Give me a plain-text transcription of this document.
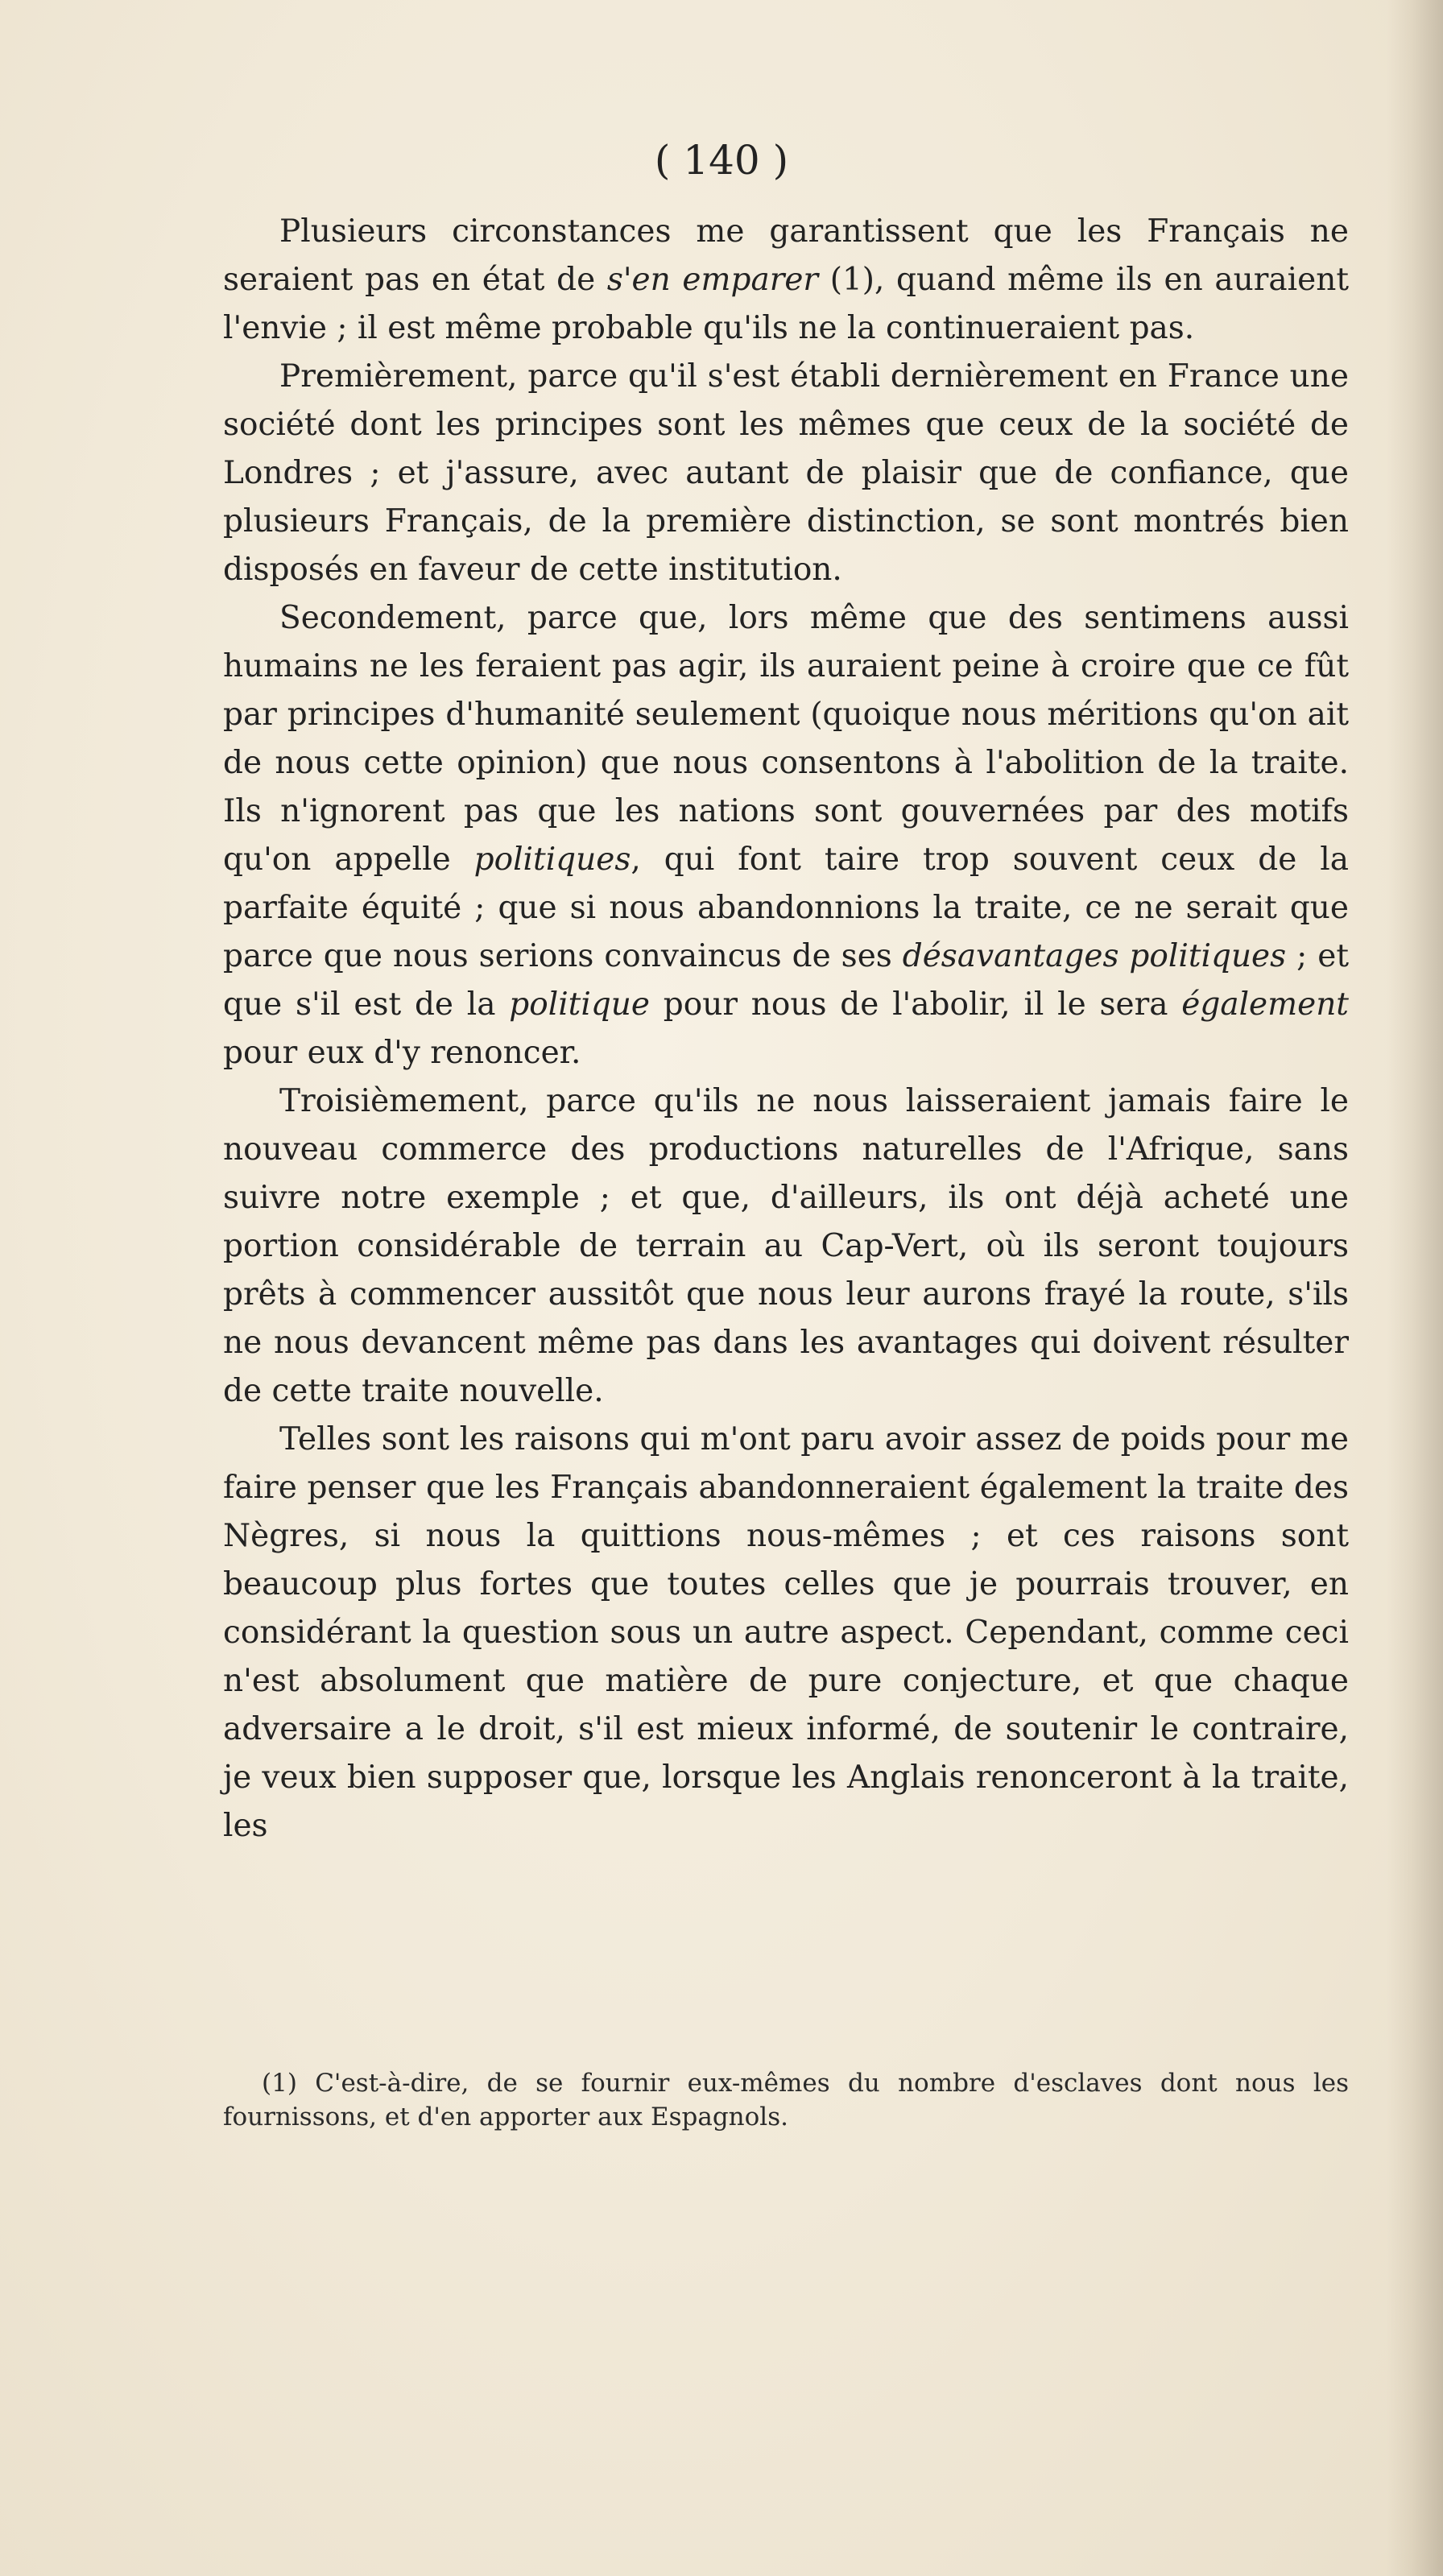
( 140 )

Plusieurs circonstances me garantissent que les Français ne seraient pas en état de s'en emparer (1), quand même ils en auraient l'envie ; il est même probable qu'ils ne la continueraient pas.

Premièrement, parce qu'il s'est établi dernièrement en France une société dont les principes sont les mêmes que ceux de la société de Londres ; et j'assure, avec autant de plaisir que de confiance, que plusieurs Français, de la première distinction, se sont montrés bien disposés en faveur de cette institution.

Secondement, parce que, lors même que des sentimens aussi humains ne les feraient pas agir, ils auraient peine à croire que ce fût par principes d'humanité seulement (quoique nous méritions qu'on ait de nous cette opinion) que nous consentons à l'abolition de la traite. Ils n'ignorent pas que les nations sont gouvernées par des motifs qu'on appelle politiques, qui font taire trop souvent ceux de la parfaite équité ; que si nous abandonnions la traite, ce ne serait que parce que nous serions convaincus de ses désavantages politiques ; et que s'il est de la politique pour nous de l'abolir, il le sera également pour eux d'y renoncer.

Troisièmement, parce qu'ils ne nous laisseraient jamais faire le nouveau commerce des productions naturelles de l'Afrique, sans suivre notre exemple ; et que, d'ailleurs, ils ont déjà acheté une portion considérable de terrain au Cap-Vert, où ils seront toujours prêts à commencer aussitôt que nous leur aurons frayé la route, s'ils ne nous devancent même pas dans les avantages qui doivent résulter de cette traite nouvelle.

Telles sont les raisons qui m'ont paru avoir assez de poids pour me faire penser que les Français abandonneraient également la traite des Nègres, si nous la quittions nous-mêmes ; et ces raisons sont beaucoup plus fortes que toutes celles que je pourrais trouver, en considérant la question sous un autre aspect. Cependant, comme ceci n'est absolument que matière de pure conjecture, et que chaque adversaire a le droit, s'il est mieux informé, de soutenir le contraire, je veux bien supposer que, lorsque les Anglais renonceront à la traite, les

(1) C'est-à-dire, de se fournir eux-mêmes du nombre d'esclaves dont nous les fournissons, et d'en apporter aux Espagnols.
